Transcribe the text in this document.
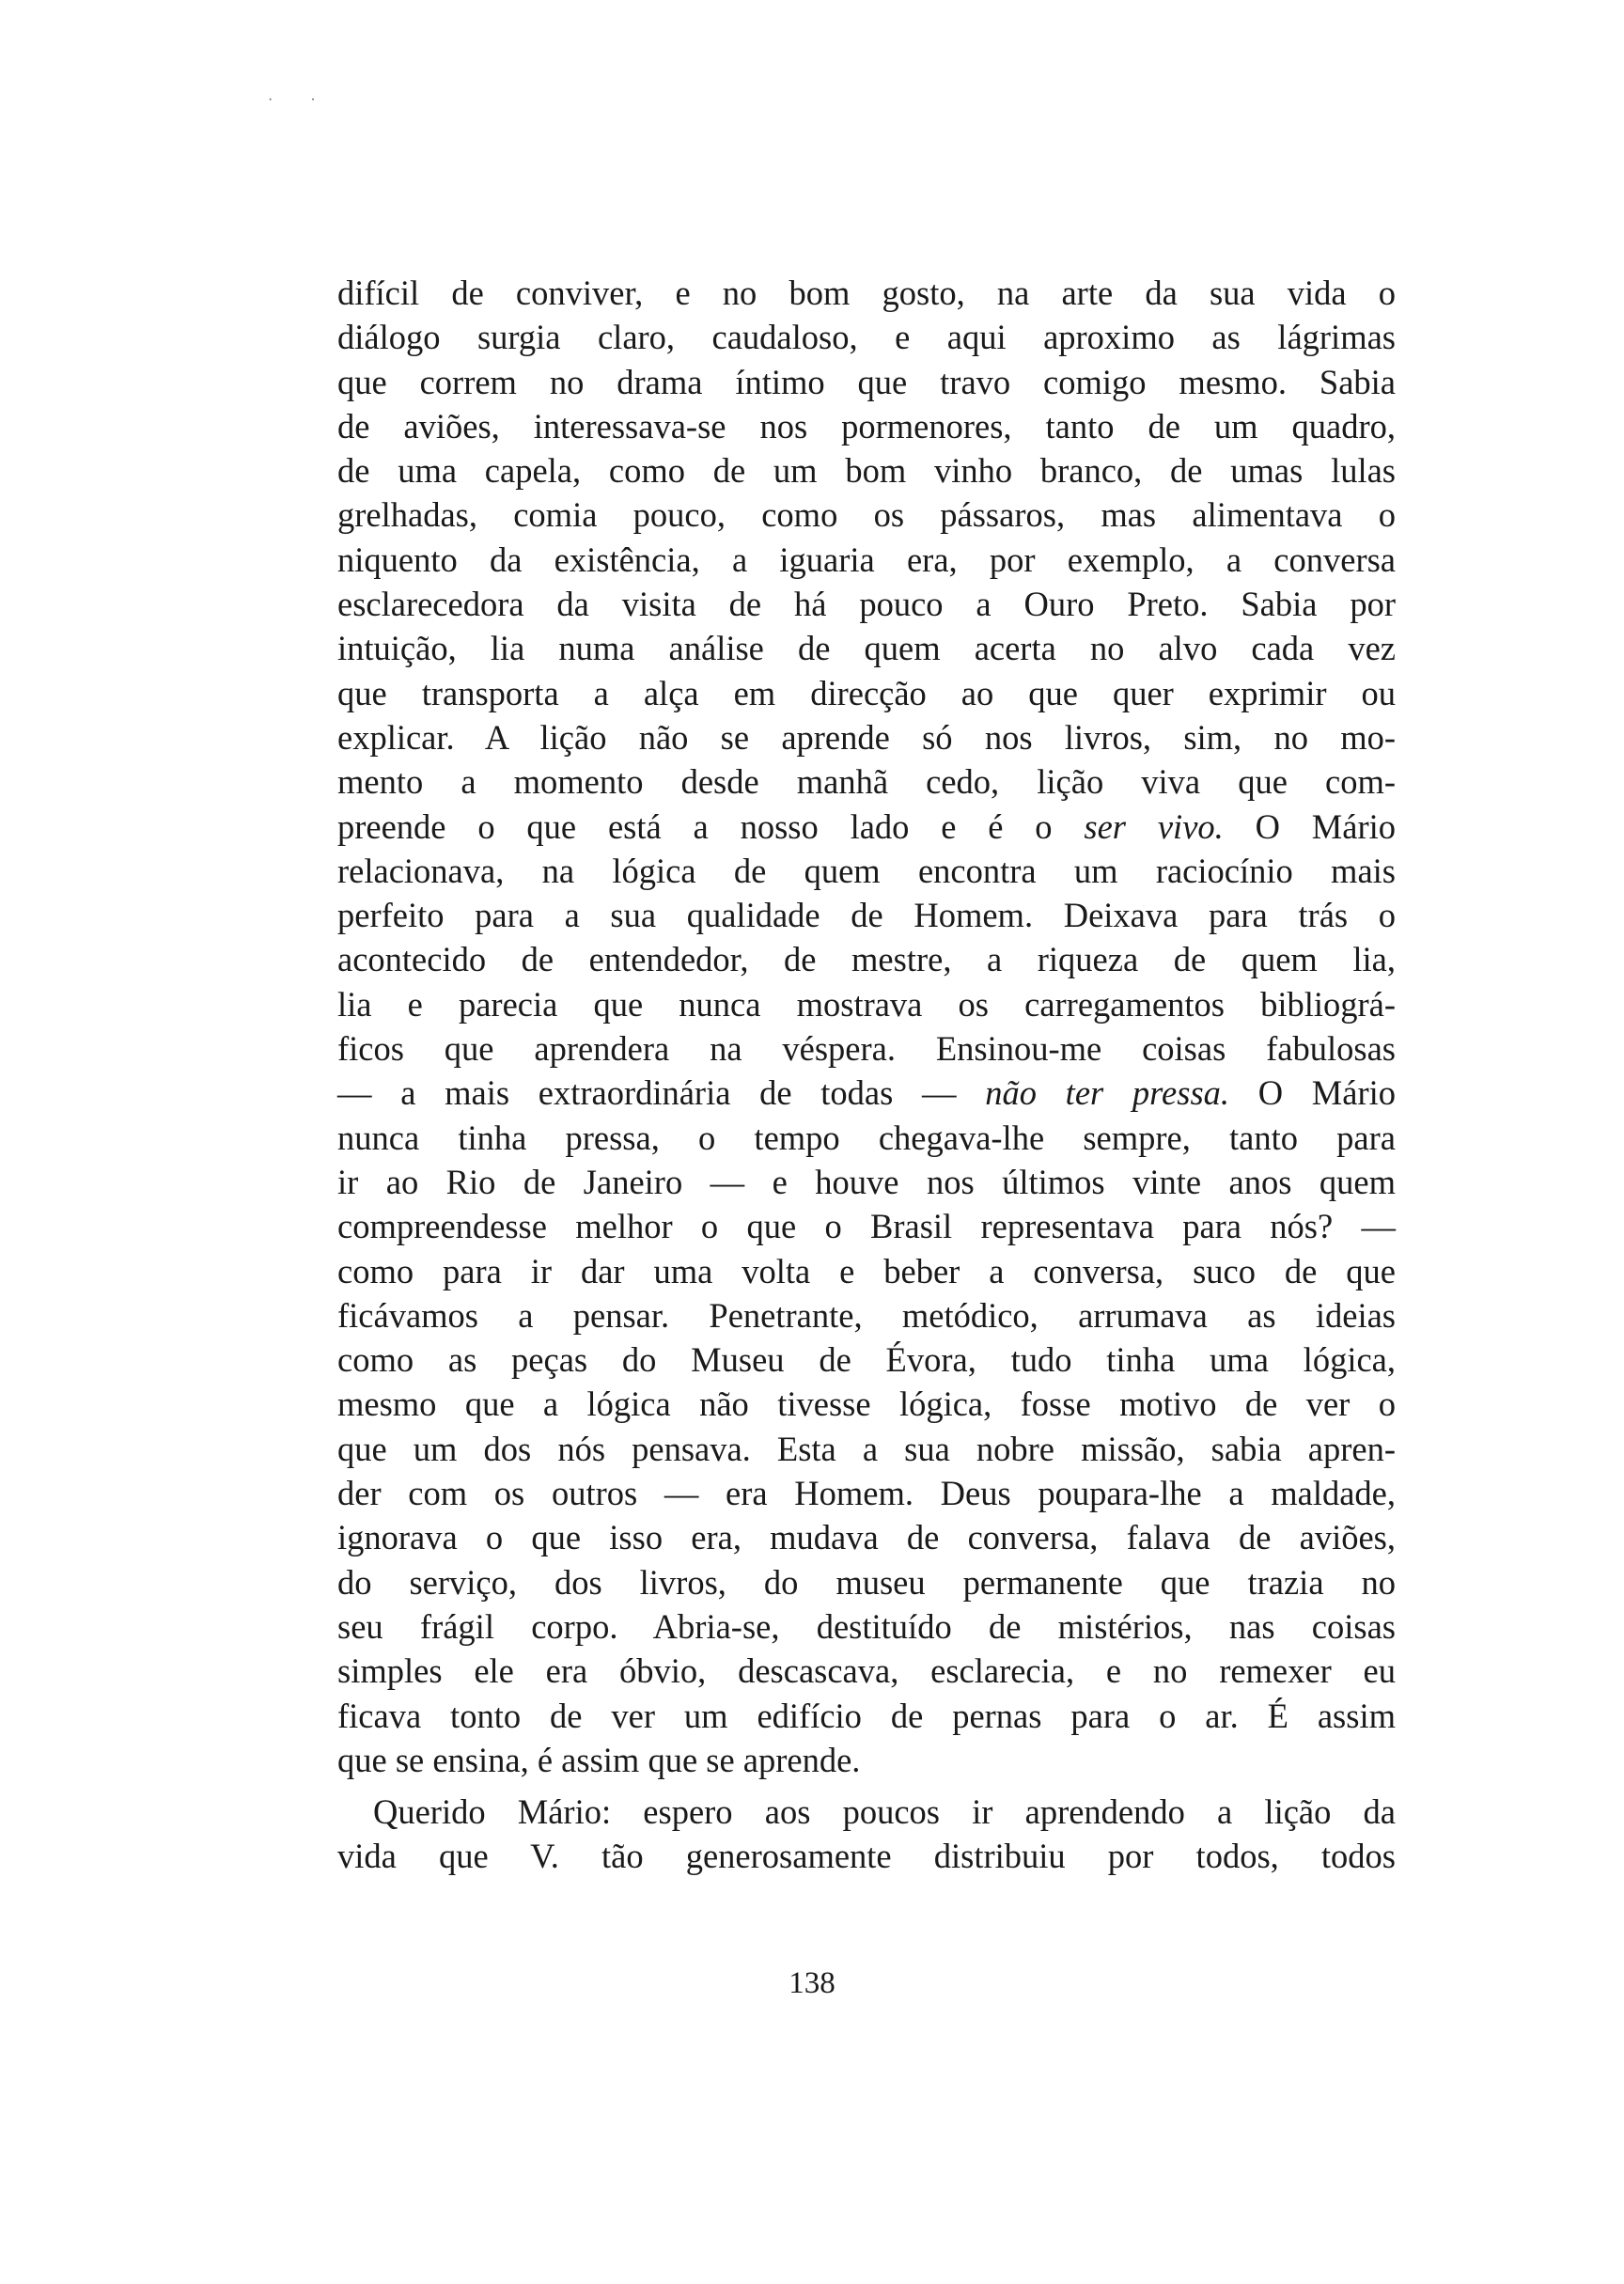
· ·
difícil de conviver, e no bom gosto, na arte da sua vida o
diálogo surgia claro, caudaloso, e aqui aproximo as lágrimas
que correm no drama íntimo que travo comigo mesmo. Sabia
de aviões, interessava-se nos pormenores, tanto de um quadro,
de uma capela, como de um bom vinho branco, de umas lulas
grelhadas, comia pouco, como os pássaros, mas alimentava o
niquento da existência, a iguaria era, por exemplo, a conversa
esclarecedora da visita de há pouco a Ouro Preto. Sabia por
intuição, lia numa análise de quem acerta no alvo cada vez
que transporta a alça em direcção ao que quer exprimir ou
explicar. A lição não se aprende só nos livros, sim, no mo-
mento a momento desde manhã cedo, lição viva que com-
preende o que está a nosso lado e é o ser vivo. O Mário
relacionava, na lógica de quem encontra um raciocínio mais
perfeito para a sua qualidade de Homem. Deixava para trás o
acontecido de entendedor, de mestre, a riqueza de quem lia,
lia e parecia que nunca mostrava os carregamentos bibliográ-
ficos que aprendera na véspera. Ensinou-me coisas fabulosas
— a mais extraordinária de todas — não ter pressa. O Mário
nunca tinha pressa, o tempo chegava-lhe sempre, tanto para
ir ao Rio de Janeiro — e houve nos últimos vinte anos quem
compreendesse melhor o que o Brasil representava para nós? —
como para ir dar uma volta e beber a conversa, suco de que
ficávamos a pensar. Penetrante, metódico, arrumava as ideias
como as peças do Museu de Évora, tudo tinha uma lógica,
mesmo que a lógica não tivesse lógica, fosse motivo de ver o
que um dos nós pensava. Esta a sua nobre missão, sabia apren-
der com os outros — era Homem. Deus poupara-lhe a maldade,
ignorava o que isso era, mudava de conversa, falava de aviões,
do serviço, dos livros, do museu permanente que trazia no
seu frágil corpo. Abria-se, destituído de mistérios, nas coisas
simples ele era óbvio, descascava, esclarecia, e no remexer eu
ficava tonto de ver um edifício de pernas para o ar. É assim
que se ensina, é assim que se aprende.
Querido Mário: espero aos poucos ir aprendendo a lição da
vida que V. tão generosamente distribuiu por todos, todos
138
